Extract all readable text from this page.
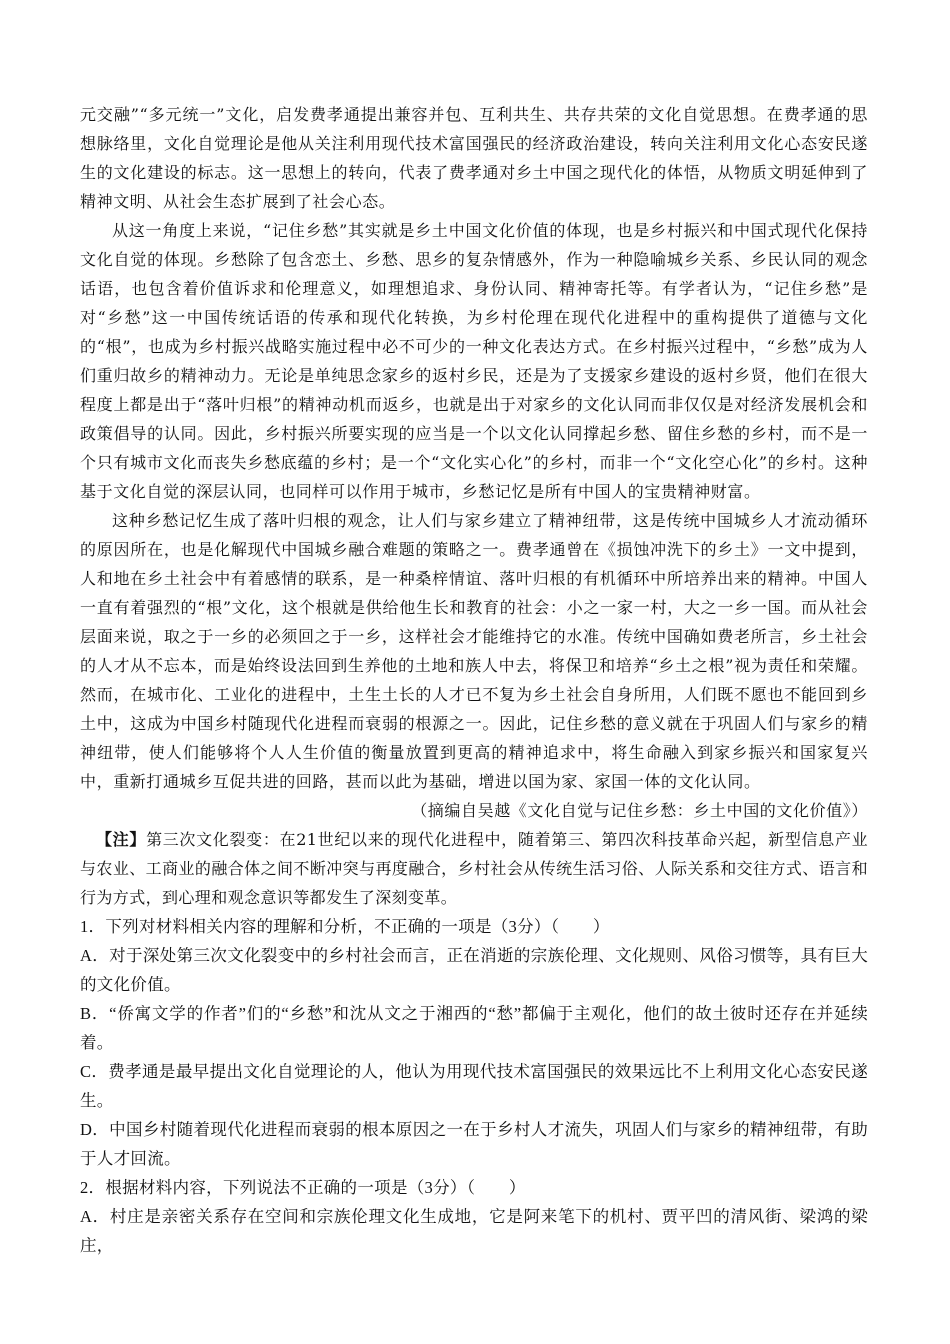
元交融”“多元统一”文化，启发费孝通提出兼容并包、互利共生、共存共荣的文化自觉思想。在费孝通的思想脉络里，文化自觉理论是他从关注利用现代技术富国强民的经济政治建设，转向关注利用文化心态安民遂生的文化建设的标志。这一思想上的转向，代表了费孝通对乡土中国之现代化的体悟，从物质文明延伸到了精神文明、从社会生态扩展到了社会心态。

从这一角度上来说，“记住乡愁”其实就是乡土中国文化价值的体现，也是乡村振兴和中国式现代化保持文化自觉的体现。乡愁除了包含恋土、乡愁、思乡的复杂情感外，作为一种隐喻城乡关系、乡民认同的观念话语，也包含着价值诉求和伦理意义，如理想追求、身份认同、精神寄托等。有学者认为，“记住乡愁”是对“乡愁”这一中国传统话语的传承和现代化转换，为乡村伦理在现代化进程中的重构提供了道德与文化的“根”，也成为乡村振兴战略实施过程中必不可少的一种文化表达方式。在乡村振兴过程中，“乡愁”成为人们重归故乡的精神动力。无论是单纯思念家乡的返村乡民，还是为了支援家乡建设的返村乡贤，他们在很大程度上都是出于“落叶归根”的精神动机而返乡，也就是出于对家乡的文化认同而非仅仅是对经济发展机会和政策倡导的认同。因此，乡村振兴所要实现的应当是一个以文化认同撑起乡愁、留住乡愁的乡村，而不是一个只有城市文化而丧失乡愁底蕴的乡村；是一个“文化实心化”的乡村，而非一个“文化空心化”的乡村。这种基于文化自觉的深层认同，也同样可以作用于城市，乡愁记忆是所有中国人的宝贵精神财富。

这种乡愁记忆生成了落叶归根的观念，让人们与家乡建立了精神纽带，这是传统中国城乡人才流动循环的原因所在，也是化解现代中国城乡融合难题的策略之一。费孝通曾在《损蚀冲洗下的乡土》一文中提到，人和地在乡土社会中有着感情的联系，是一种桑梓情谊、落叶归根的有机循环中所培养出来的精神。中国人一直有着强烈的“根”文化，这个根就是供给他生长和教育的社会：小之一家一村，大之一乡一国。而从社会层面来说，取之于一乡的必须回之于一乡，这样社会才能维持它的水准。传统中国确如费老所言，乡土社会的人才从不忘本，而是始终设法回到生养他的土地和族人中去，将保卫和培养“乡土之根”视为责任和荣耀。然而，在城市化、工业化的进程中，土生土长的人才已不复为乡土社会自身所用，人们既不愿也不能回到乡土中，这成为中国乡村随现代化进程而衰弱的根源之一。因此，记住乡愁的意义就在于巩固人们与家乡的精神纽带，使人们能够将个人人生价值的衡量放置到更高的精神追求中，将生命融入到家乡振兴和国家复兴中，重新打通城乡互促共进的回路，甚而以此为基础，增进以国为家、家国一体的文化认同。

（摘编自吴越《文化自觉与记住乡愁：乡土中国的文化价值》）

【注】第三次文化裂变：在21世纪以来的现代化进程中，随着第三、第四次科技革命兴起，新型信息产业与农业、工商业的融合体之间不断冲突与再度融合，乡村社会从传统生活习俗、人际关系和交往方式、语言和行为方式，到心理和观念意识等都发生了深刻变革。

1．下列对材料相关内容的理解和分析，不正确的一项是（3分）（　　）

A．对于深处第三次文化裂变中的乡村社会而言，正在消逝的宗族伦理、文化规则、风俗习惯等，具有巨大的文化价值。

B．“侨寓文学的作者”们的“乡愁”和沈从文之于湘西的“愁”都偏于主观化，他们的故土彼时还存在并延续着。

C．费孝通是最早提出文化自觉理论的人，他认为用现代技术富国强民的效果远比不上利用文化心态安民遂生。

D．中国乡村随着现代化进程而衰弱的根本原因之一在于乡村人才流失，巩固人们与家乡的精神纽带，有助于人才回流。

2．根据材料内容，下列说法不正确的一项是（3分）（　　）

A．村庄是亲密关系存在空间和宗族伦理文化生成地，它是阿来笔下的机村、贾平凹的清风街、梁鸿的梁庄，
